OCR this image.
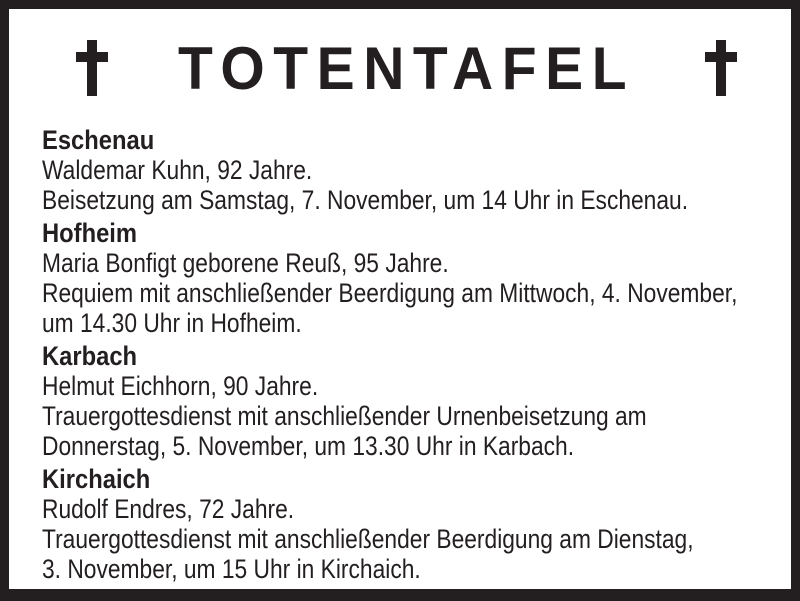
TOTENTAFEL
Eschenau
Waldemar Kuhn, 92 Jahre.
Beisetzung am Samstag, 7. November, um 14 Uhr in Eschenau.
Hofheim
Maria Bonfigt geborene Reuß, 95 Jahre.
Requiem mit anschließender Beerdigung am Mittwoch, 4. November,
um 14.30 Uhr in Hofheim.
Karbach
Helmut Eichhorn, 90 Jahre.
Trauergottesdienst mit anschließender Urnenbeisetzung am
Donnerstag, 5. November, um 13.30 Uhr in Karbach.
Kirchaich
Rudolf Endres, 72 Jahre.
Trauergottesdienst mit anschließender Beerdigung am Dienstag,
3. November, um 15 Uhr in Kirchaich.
